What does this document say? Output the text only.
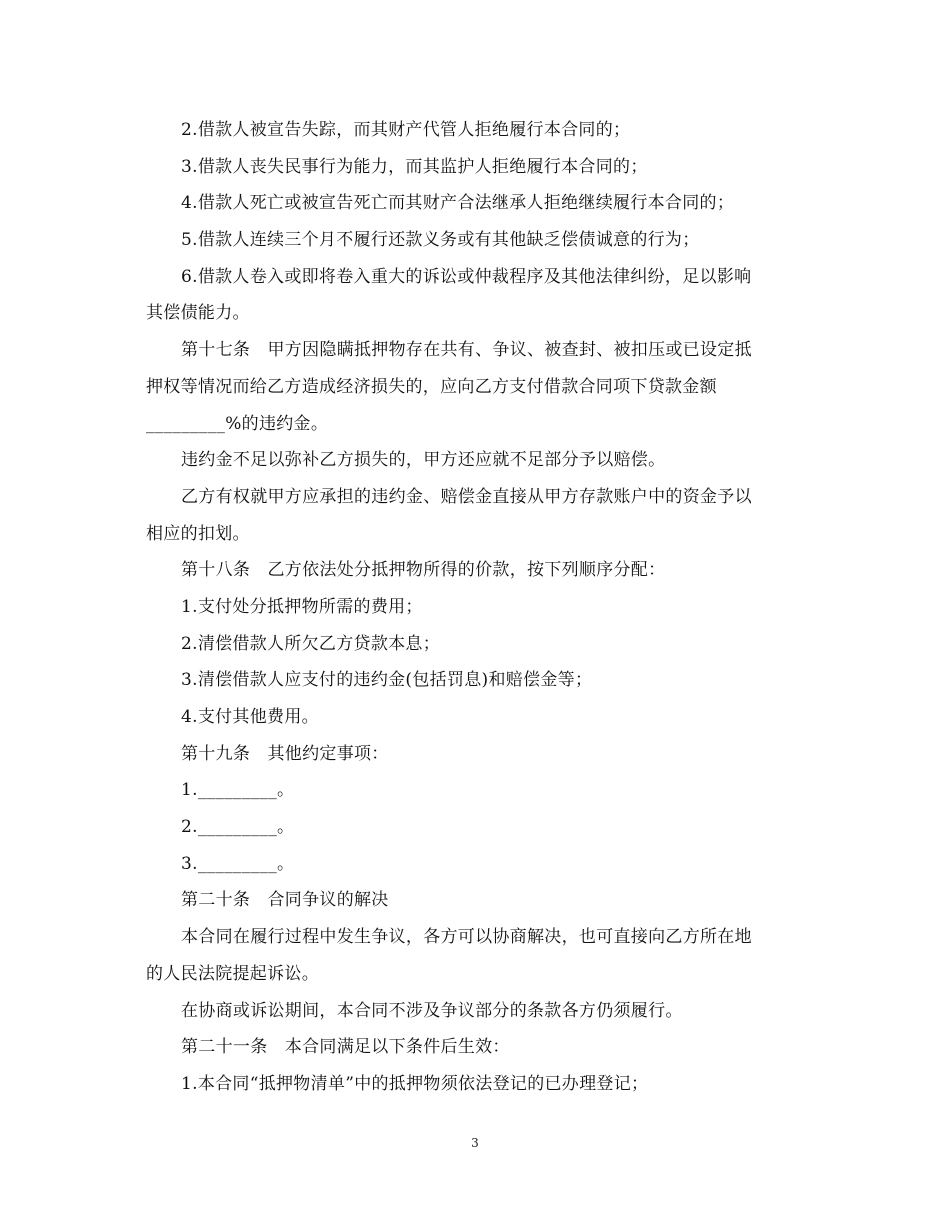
2.借款人被宣告失踪，而其财产代管人拒绝履行本合同的；
3.借款人丧失民事行为能力，而其监护人拒绝履行本合同的；
4.借款人死亡或被宣告死亡而其财产合法继承人拒绝继续履行本合同的；
5.借款人连续三个月不履行还款义务或有其他缺乏偿债诚意的行为；
6.借款人卷入或即将卷入重大的诉讼或仲裁程序及其他法律纠纷，足以影响
其偿债能力。
第十七条　甲方因隐瞒抵押物存在共有、争议、被查封、被扣压或已设定抵
押权等情况而给乙方造成经济损失的，应向乙方支付借款合同项下贷款金额
_________%的违约金。
违约金不足以弥补乙方损失的，甲方还应就不足部分予以赔偿。
乙方有权就甲方应承担的违约金、赔偿金直接从甲方存款账户中的资金予以
相应的扣划。
第十八条　乙方依法处分抵押物所得的价款，按下列顺序分配：
1.支付处分抵押物所需的费用；
2.清偿借款人所欠乙方贷款本息；
3.清偿借款人应支付的违约金(包括罚息)和赔偿金等；
4.支付其他费用。
第十九条　其他约定事项：
1._________。
2._________。
3._________。
第二十条　合同争议的解决
本合同在履行过程中发生争议，各方可以协商解决，也可直接向乙方所在地
的人民法院提起诉讼。
在协商或诉讼期间，本合同不涉及争议部分的条款各方仍须履行。
第二十一条　本合同满足以下条件后生效：
1.本合同“抵押物清单”中的抵押物须依法登记的已办理登记；
3
